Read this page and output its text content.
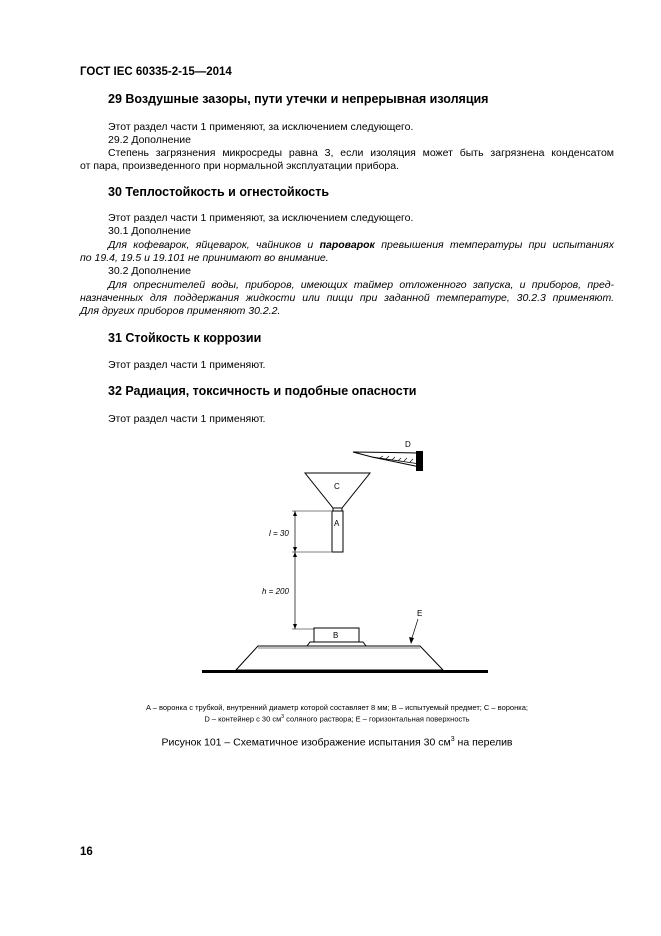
ГОСТ IEC 60335-2-15—2014
29 Воздушные зазоры, пути утечки и непрерывная изоляция
Этот раздел части 1 применяют, за исключением следующего.
29.2 Дополнение
Степень загрязнения микросреды равна 3, если изоляция может быть загрязнена конденсатом
от пара, произведенного при нормальной эксплуатации прибора.
30 Теплостойкость и огнестойкость
Этот раздел части 1 применяют, за исключением следующего.
30.1 Дополнение
Для кофеварок, яйцеварок, чайников и пароварок превышения температуры при испытаниях
по 19.4, 19.5 и 19.101 не принимают во внимание.
30.2 Дополнение
Для опреснителей воды, приборов, имеющих таймер отложенного запуска, и приборов, пред-
назначенных для поддержания жидкости или пищи при заданной температуре, 30.2.3 применяют.
Для других приборов применяют 30.2.2.
31 Стойкость к коррозии
Этот раздел части 1 применяют.
32 Радиация, токсичность и подобные опасности
Этот раздел части 1 применяют.
D
C
A
l = 30
h = 200
B
E
A – воронка с трубкой, внутренний диаметр которой составляет 8 мм; B – испытуемый предмет; C – воронка;
D – контейнер с 30 $см^3$ соляного раствора; E – горизонтальная поверхность
Рисунок 101 – Схематичное изображение испытания 30 $см^3$ на перелив
16
